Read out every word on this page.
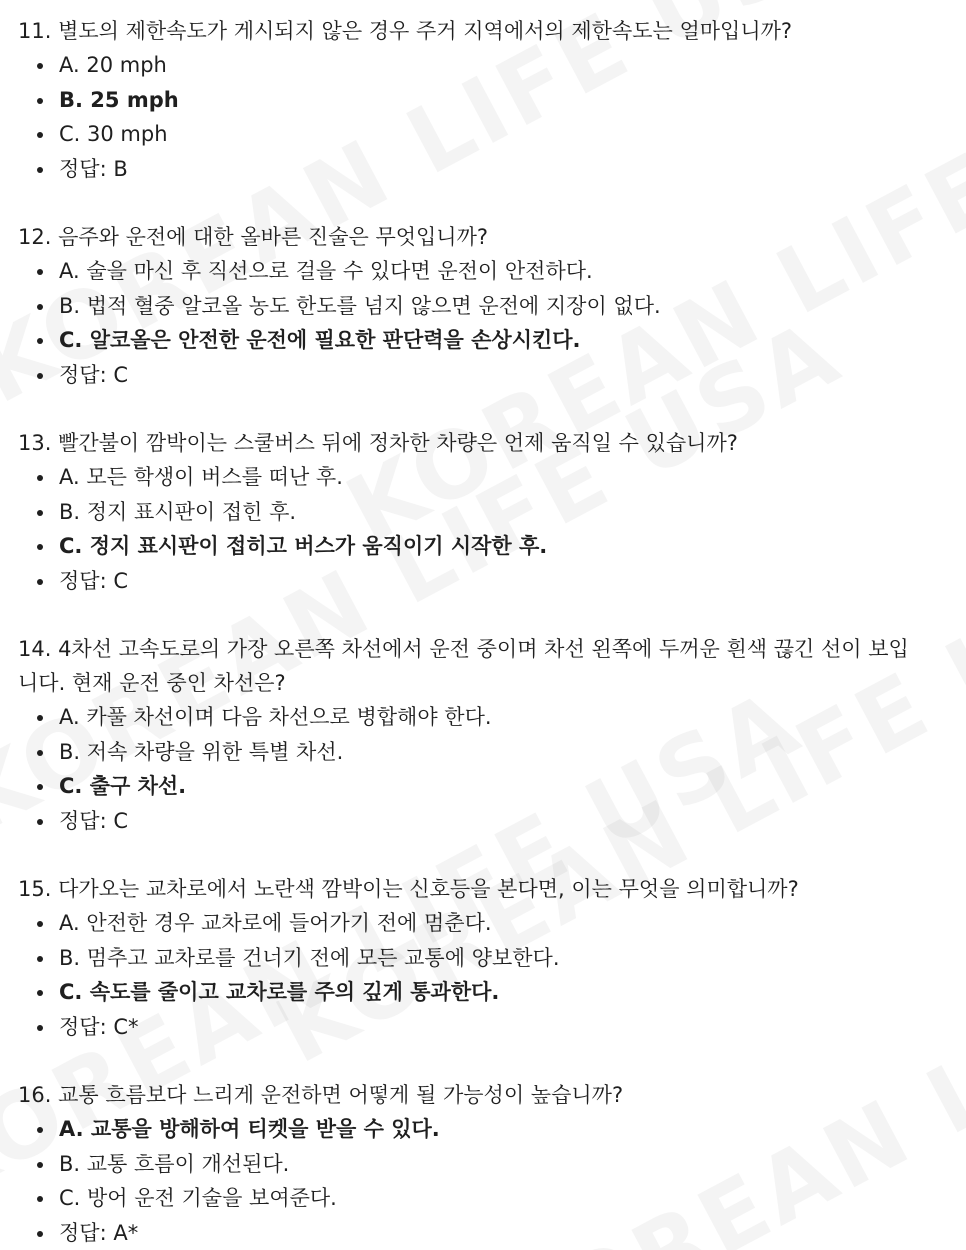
11. 별도의 제한속도가 게시되지 않은 경우 주거 지역에서의 제한속도는 얼마입니까?

A. 20 mph
B. 25 mph
C. 30 mph
정답: B

12. 음주와 운전에 대한 올바른 진술은 무엇입니까?

A. 술을 마신 후 직선으로 걸을 수 있다면 운전이 안전하다.
B. 법적 혈중 알코올 농도 한도를 넘지 않으면 운전에 지장이 없다.
C. 알코올은 안전한 운전에 필요한 판단력을 손상시킨다.
정답: C

13. 빨간불이 깜박이는 스쿨버스 뒤에 정차한 차량은 언제 움직일 수 있습니까?

A. 모든 학생이 버스를 떠난 후.
B. 정지 표시판이 접힌 후.
C. 정지 표시판이 접히고 버스가 움직이기 시작한 후.
정답: C

14. 4차선 고속도로의 가장 오른쪽 차선에서 운전 중이며 차선 왼쪽에 두꺼운 흰색 끊긴 선이 보입니다. 현재 운전 중인 차선은?

A. 카풀 차선이며 다음 차선으로 병합해야 한다.
B. 저속 차량을 위한 특별 차선.
C. 출구 차선.
정답: C

15. 다가오는 교차로에서 노란색 깜박이는 신호등을 본다면, 이는 무엇을 의미합니까?

A. 안전한 경우 교차로에 들어가기 전에 멈춘다.
B. 멈추고 교차로를 건너기 전에 모든 교통에 양보한다.
C. 속도를 줄이고 교차로를 주의 깊게 통과한다.
정답: C*

16. 교통 흐름보다 느리게 운전하면 어떻게 될 가능성이 높습니까?

A. 교통을 방해하여 티켓을 받을 수 있다.
B. 교통 흐름이 개선된다.
C. 방어 운전 기술을 보여준다.
정답: A*
